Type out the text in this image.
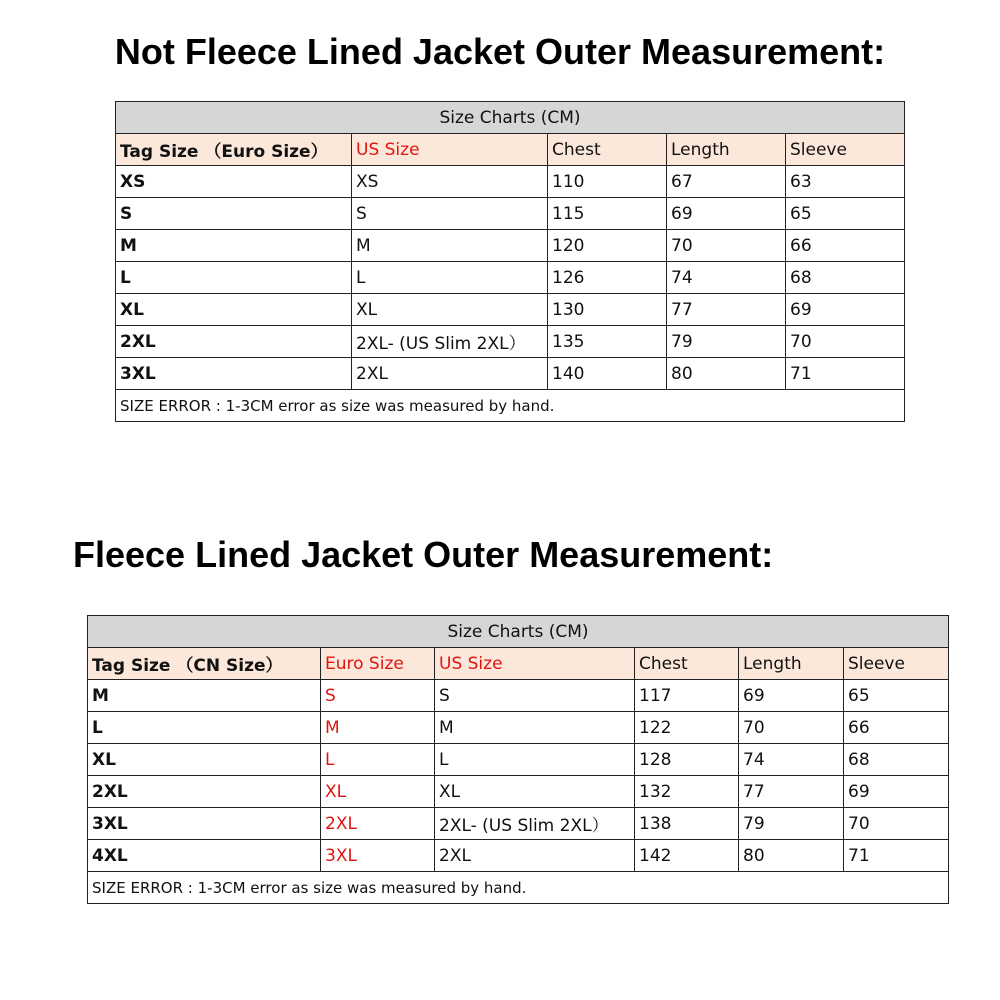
Not Fleece Lined Jacket Outer Measurement:
Size Charts (CM)				
Tag Size （Euro Size）	US Size	Chest	Length	Sleeve
XS	XS	110	67	63
S	S	115	69	65
M	M	120	70	66
L	L	126	74	68
XL	XL	130	77	69
2XL	2XL- (US Slim 2XL）	135	79	70
3XL	2XL	140	80	71
SIZE ERROR : 1-3CM error as size was measured by hand.				
Fleece Lined Jacket Outer Measurement:
Size Charts (CM)					
Tag Size （CN Size）	Euro Size	US Size	Chest	Length	Sleeve
M	S	S	117	69	65
L	M	M	122	70	66
XL	L	L	128	74	68
2XL	XL	XL	132	77	69
3XL	2XL	2XL- (US Slim 2XL）	138	79	70
4XL	3XL	2XL	142	80	71
SIZE ERROR : 1-3CM error as size was measured by hand.					
